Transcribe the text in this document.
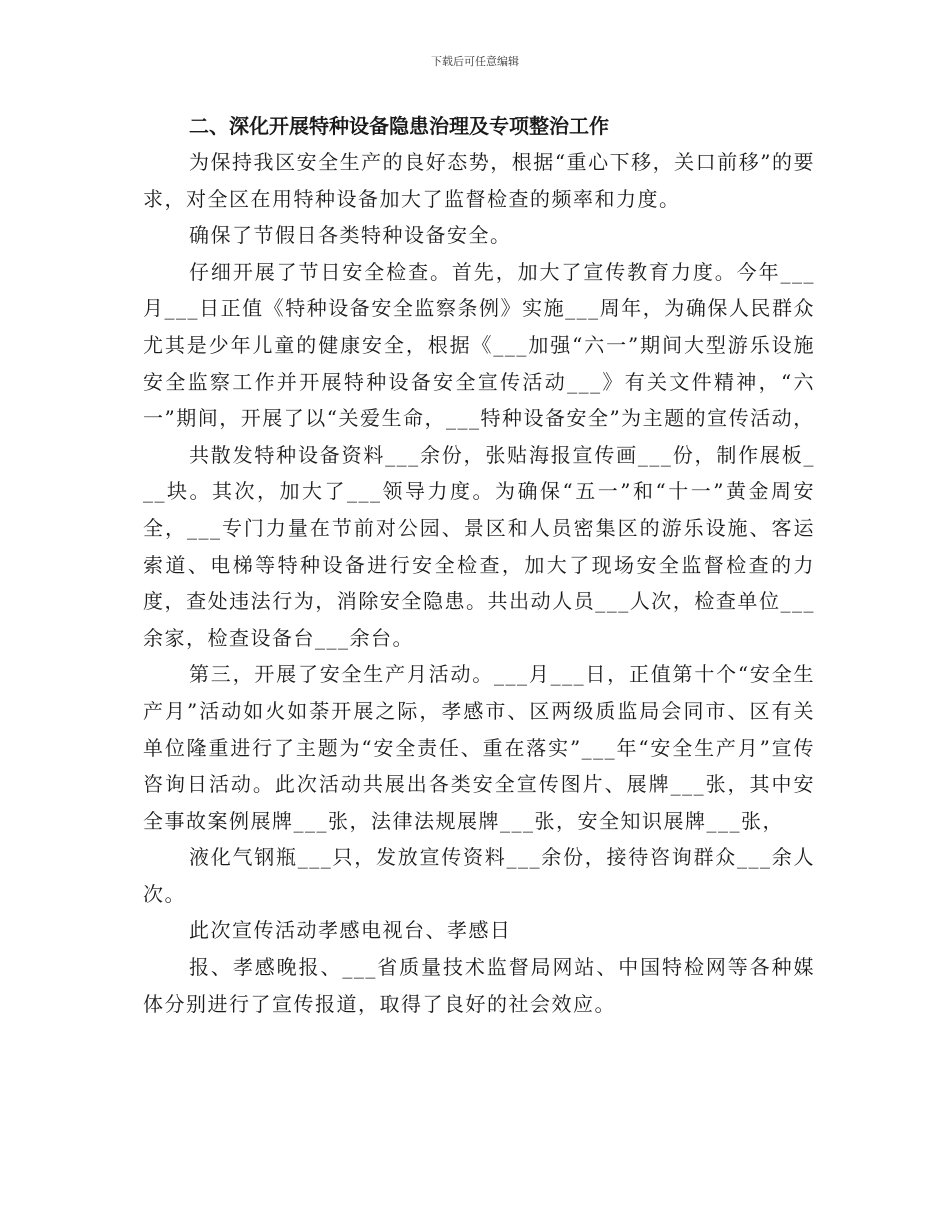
下载后可任意编辑
二、深化开展特种设备隐患治理及专项整治工作

为保持我区安全生产的良好态势，根据“重心下移，关口前移”的要求，对全区在用特种设备加大了监督检查的频率和力度。

确保了节假日各类特种设备安全。

仔细开展了节日安全检查。首先，加大了宣传教育力度。今年___月___日正值《特种设备安全监察条例》实施___周年，为确保人民群众尤其是少年儿童的健康安全，根据《___加强“六一”期间大型游乐设施安全监察工作并开展特种设备安全宣传活动___》有关文件精神，“六一”期间，开展了以“关爱生命，___特种设备安全”为主题的宣传活动，

共散发特种设备资料___余份，张贴海报宣传画___份，制作展板___块。其次，加大了___领导力度。为确保“五一”和“十一”黄金周安全，___专门力量在节前对公园、景区和人员密集区的游乐设施、客运索道、电梯等特种设备进行安全检查，加大了现场安全监督检查的力度，查处违法行为，消除安全隐患。共出动人员___人次，检查单位___余家，检查设备台___余台。

第三，开展了安全生产月活动。___月___日，正值第十个“安全生产月”活动如火如荼开展之际，孝感市、区两级质监局会同市、区有关单位隆重进行了主题为“安全责任、重在落实”___年“安全生产月”宣传咨询日活动。此次活动共展出各类安全宣传图片、展牌___张，其中安全事故案例展牌___张，法律法规展牌___张，安全知识展牌___张，

液化气钢瓶___只，发放宣传资料___余份，接待咨询群众___余人次。

此次宣传活动孝感电视台、孝感日

报、孝感晚报、___省质量技术监督局网站、中国特检网等各种媒体分别进行了宣传报道，取得了良好的社会效应。
